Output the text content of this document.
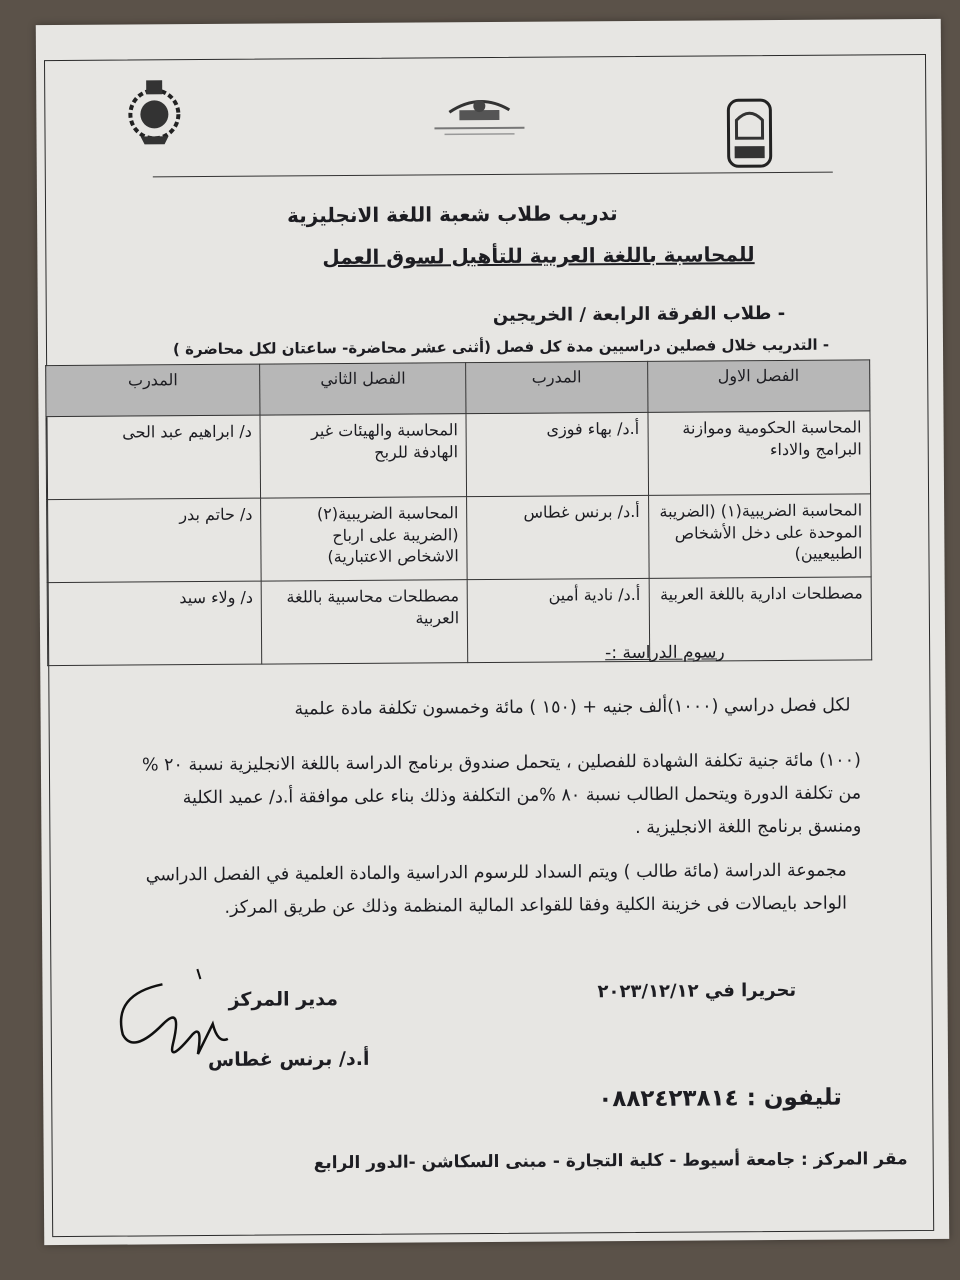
تدريب طلاب شعبة اللغة الانجليزية
للمحاسبة باللغة العربية للتأهيل لسوق العمل
- طلاب الفرقة الرابعة / الخريجين
- التدريب خلال فصلين دراسيين مدة كل فصل (أثنى عشر محاضرة- ساعتان لكل محاضرة )
الفصل الاول	المدرب	الفصل الثاني	المدرب
المحاسبة الحكومية وموازنة البرامج والاداء	أ.د/ بهاء فوزى	المحاسبة والهيئات غير الهادفة للربح	د/ ابراهيم عبد الحى
المحاسبة الضريبية(١) (الضريبة الموحدة على دخل الأشخاص الطبيعيين)	أ.د/ برنس غطاس	المحاسبة الضريبية(٢) (الضريبة على ارباح الاشخاص الاعتبارية)	د/ حاتم بدر
مصطلحات ادارية باللغة العربية	أ.د/ نادية أمين	مصطلحات محاسبية باللغة العربية	د/ ولاء سيد
رسوم الدراسة :-
لكل فصل دراسي (١٠٠٠)ألف جنيه + (١٥٠ ) مائة وخمسون تكلفة مادة علمية
(١٠٠) مائة جنية تكلفة الشهادة للفصلين ، يتحمل صندوق برنامج الدراسة باللغة الانجليزية نسبة ٢٠ % من تكلفة الدورة ويتحمل الطالب نسبة ٨٠ %من التكلفة وذلك بناء على موافقة أ.د/ عميد الكلية ومنسق برنامج اللغة الانجليزية .
مجموعة الدراسة (مائة طالب ) ويتم السداد للرسوم الدراسية والمادة العلمية في الفصل الدراسي الواحد بايصالات فى خزينة الكلية وفقا للقواعد المالية المنظمة وذلك عن طريق المركز.
تحريرا في ٢٠٢٣/١٢/١٢
مدير المركز
أ.د/ برنس غطاس
تليفون : ٠٨٨٢٤٢٣٨١٤
مقر المركز : جامعة أسيوط - كلية التجارة - مبنى السكاشن -الدور الرابع
